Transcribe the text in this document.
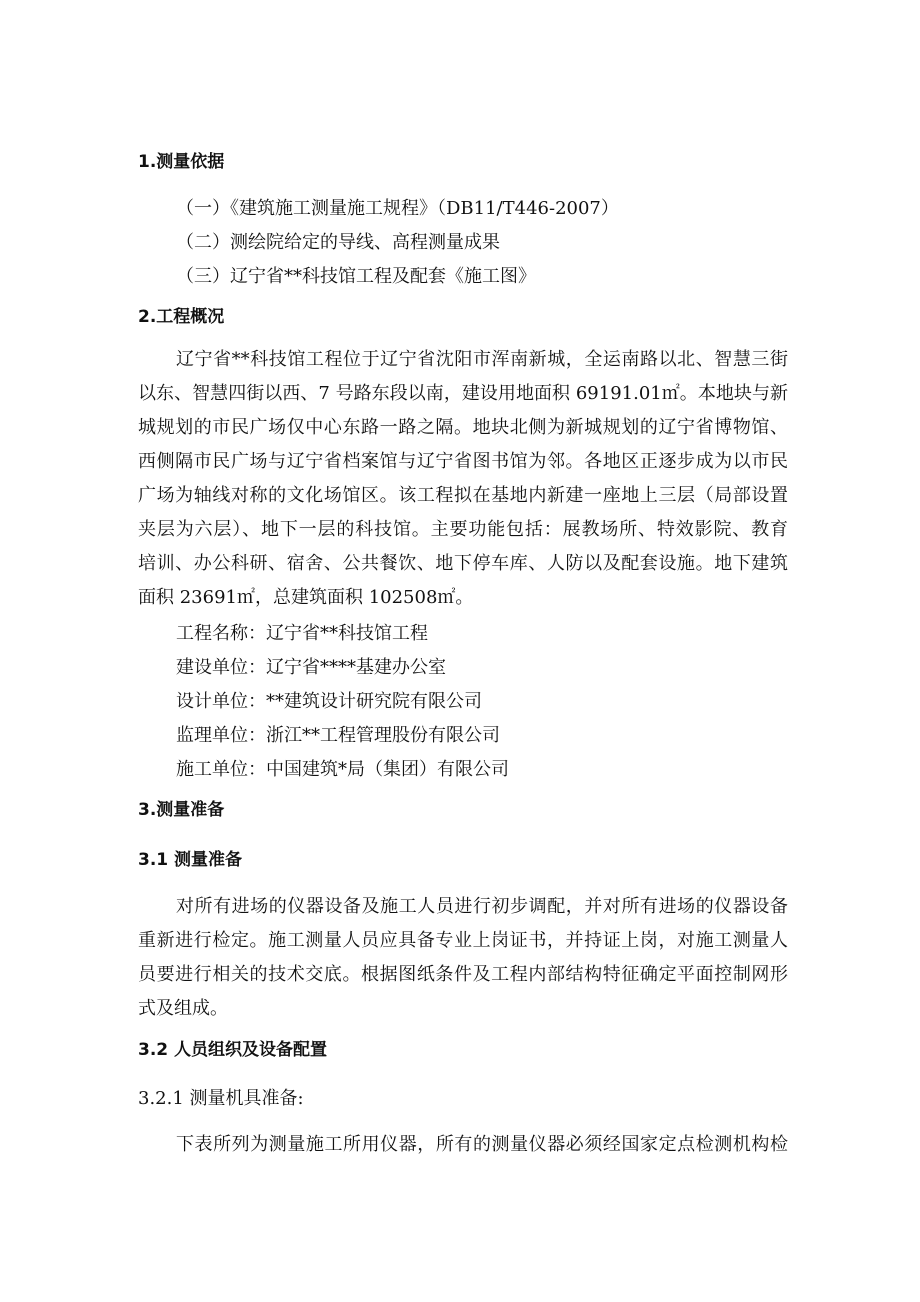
1.测量依据
（一）《建筑施工测量施工规程》（DB11/T446-2007）
（二）测绘院给定的导线、高程测量成果
（三）辽宁省**科技馆工程及配套《施工图》
2.工程概况
辽宁省**科技馆工程位于辽宁省沈阳市浑南新城，全运南路以北、智慧三街
以东、智慧四街以西、7 号路东段以南，建设用地面积 69191.01㎡。本地块与新
城规划的市民广场仅中心东路一路之隔。地块北侧为新城规划的辽宁省博物馆、
西侧隔市民广场与辽宁省档案馆与辽宁省图书馆为邻。各地区正逐步成为以市民
广场为轴线对称的文化场馆区。该工程拟在基地内新建一座地上三层（局部设置
夹层为六层）、地下一层的科技馆。主要功能包括：展教场所、特效影院、教育
培训、办公科研、宿舍、公共餐饮、地下停车库、人防以及配套设施。地下建筑
面积 23691㎡，总建筑面积 102508㎡。
工程名称：辽宁省**科技馆工程
建设单位：辽宁省****基建办公室
设计单位：**建筑设计研究院有限公司
监理单位：浙江**工程管理股份有限公司
施工单位：中国建筑*局（集团）有限公司
3.测量准备
3.1 测量准备
对所有进场的仪器设备及施工人员进行初步调配，并对所有进场的仪器设备
重新进行检定。施工测量人员应具备专业上岗证书，并持证上岗，对施工测量人
员要进行相关的技术交底。根据图纸条件及工程内部结构特征确定平面控制网形
式及组成。
3.2 人员组织及设备配置
3.2.1 测量机具准备:
下表所列为测量施工所用仪器，所有的测量仪器必须经国家定点检测机构检
